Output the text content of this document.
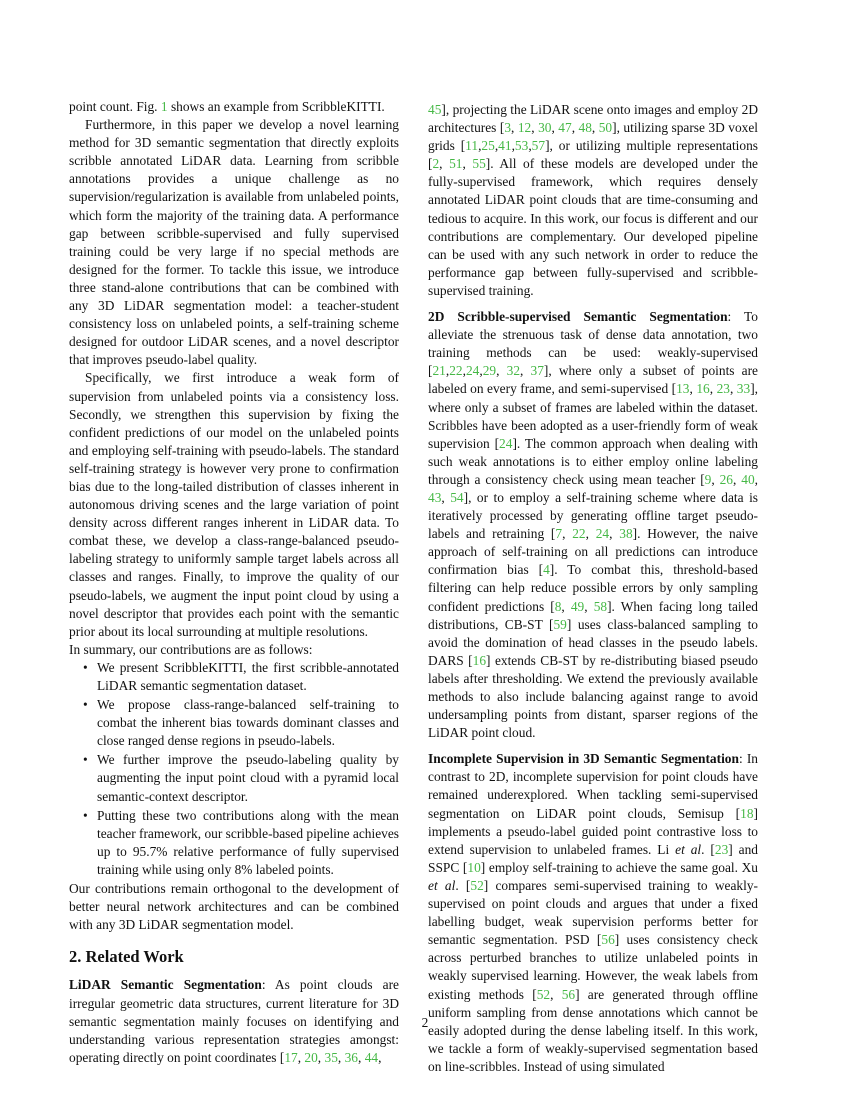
point count. Fig. 1 shows an example from ScribbleKITTI.

Furthermore, in this paper we develop a novel learning method for 3D semantic segmentation that directly exploits scribble annotated LiDAR data. Learning from scribble annotations provides a unique challenge as no supervision/regularization is available from unlabeled points, which form the majority of the training data. A performance gap between scribble-supervised and fully supervised training could be very large if no special methods are designed for the former. To tackle this issue, we introduce three stand-alone contributions that can be combined with any 3D LiDAR segmentation model: a teacher-student consistency loss on unlabeled points, a self-training scheme designed for outdoor LiDAR scenes, and a novel descriptor that improves pseudo-label quality.

Specifically, we first introduce a weak form of supervision from unlabeled points via a consistency loss. Secondly, we strengthen this supervision by fixing the confident predictions of our model on the unlabeled points and employing self-training with pseudo-labels. The standard self-training strategy is however very prone to confirmation bias due to the long-tailed distribution of classes inherent in autonomous driving scenes and the large variation of point density across different ranges inherent in LiDAR data. To combat these, we develop a class-range-balanced pseudo-labeling strategy to uniformly sample target labels across all classes and ranges. Finally, to improve the quality of our pseudo-labels, we augment the input point cloud by using a novel descriptor that provides each point with the semantic prior about its local surrounding at multiple resolutions.

In summary, our contributions are as follows:

• We present ScribbleKITTI, the first scribble-annotated LiDAR semantic segmentation dataset.
• We propose class-range-balanced self-training to combat the inherent bias towards dominant classes and close ranged dense regions in pseudo-labels.
• We further improve the pseudo-labeling quality by augmenting the input point cloud with a pyramid local semantic-context descriptor.
• Putting these two contributions along with the mean teacher framework, our scribble-based pipeline achieves up to 95.7% relative performance of fully supervised training while using only 8% labeled points.

Our contributions remain orthogonal to the development of better neural network architectures and can be combined with any 3D LiDAR segmentation model.

2. Related Work

LiDAR Semantic Segmentation: As point clouds are irregular geometric data structures, current literature for 3D semantic segmentation mainly focuses on identifying and understanding various representation strategies amongst: operating directly on point coordinates [17, 20, 35, 36, 44,

45], projecting the LiDAR scene onto images and employ 2D architectures [3, 12, 30, 47, 48, 50], utilizing sparse 3D voxel grids [11,25,41,53,57], or utilizing multiple representations [2, 51, 55]. All of these models are developed under the fully-supervised framework, which requires densely annotated LiDAR point clouds that are time-consuming and tedious to acquire. In this work, our focus is different and our contributions are complementary. Our developed pipeline can be used with any such network in order to reduce the performance gap between fully-supervised and scribble-supervised training.

2D Scribble-supervised Semantic Segmentation: To alleviate the strenuous task of dense data annotation, two training methods can be used: weakly-supervised [21,22,24,29, 32, 37], where only a subset of points are labeled on every frame, and semi-supervised [13, 16, 23, 33], where only a subset of frames are labeled within the dataset. Scribbles have been adopted as a user-friendly form of weak supervision [24]. The common approach when dealing with such weak annotations is to either employ online labeling through a consistency check using mean teacher [9, 26, 40, 43, 54], or to employ a self-training scheme where data is iteratively processed by generating offline target pseudo-labels and retraining [7, 22, 24, 38]. However, the naive approach of self-training on all predictions can introduce confirmation bias [4]. To combat this, threshold-based filtering can help reduce possible errors by only sampling confident predictions [8, 49, 58]. When facing long tailed distributions, CB-ST [59] uses class-balanced sampling to avoid the domination of head classes in the pseudo labels. DARS [16] extends CB-ST by re-distributing biased pseudo labels after thresholding. We extend the previously available methods to also include balancing against range to avoid undersampling points from distant, sparser regions of the LiDAR point cloud.

Incomplete Supervision in 3D Semantic Segmentation: In contrast to 2D, incomplete supervision for point clouds have remained underexplored. When tackling semi-supervised segmentation on LiDAR point clouds, Semisup [18] implements a pseudo-label guided point contrastive loss to extend supervision to unlabeled frames. Li et al. [23] and SSPC [10] employ self-training to achieve the same goal. Xu et al. [52] compares semi-supervised training to weakly-supervised on point clouds and argues that under a fixed labelling budget, weak supervision performs better for semantic segmentation. PSD [56] uses consistency check across perturbed branches to utilize unlabeled points in weakly supervised learning. However, the weak labels from existing methods [52, 56] are generated through offline uniform sampling from dense annotations which cannot be easily adopted during the dense labeling itself. In this work, we tackle a form of weakly-supervised segmentation based on line-scribbles. Instead of using simulated

2
